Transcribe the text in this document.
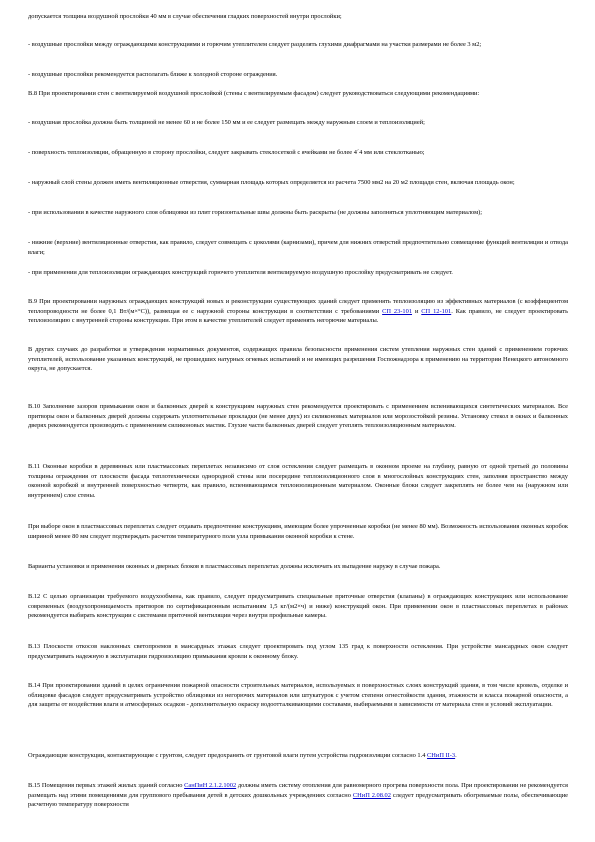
допускается толщина воздушной прослойки 40 мм в случае обеспечения гладких поверхностей внутри прослойки;

- воздушные прослойки между ограждающими конструкциями и горючим утеплителем следует разделять глухими диафрагмами на участки размерами не более 3 м2;

- воздушные прослойки рекомендуется располагать ближе к холодной стороне ограждения.

В.8 При проектировании стен с вентилируемой воздушной прослойкой (стены с вентилируемым фасадом) следует руководствоваться следующими рекомендациями:

- воздушная прослойка должна быть толщиной не менее 60 и не более 150 мм и ее следует размещать между наружным слоем и теплоизоляцией;

- поверхность теплоизоляции, обращенную в сторону прослойки, следует закрывать стеклосеткой с ячейками не более 4´4 мм или стеклотканью;

- наружный слой стены должен иметь вентиляционные отверстия, суммарная площадь которых определяется из расчета 7500 мм2 на 20 м2 площади стен, включая площадь окон;

- при использовании в качестве наружного слоя облицовки из плит горизонтальные швы должны быть раскрыты (не должны заполняться уплотняющим материалом);

- нижние (верхние) вентиляционные отверстия, как правило, следует совмещать с цоколями (карнизами), причем для нижних отверстий предпочтительно совмещение функций вентиляции и отвода влаги;

- при применении для теплоизоляции ограждающих конструкций горючего утеплителя вентилируемую воздушную прослойку предусматривать не следует.

В.9 При проектировании наружных ограждающих конструкций новых и реконструкции существующих зданий следует применять теплоизоляцию из эффективных материалов (с коэффициентом теплопроводности не более 0,1 Вт/(м×°С)), размещая ее с наружной стороны конструкции в соответствии с требованиями СП 23-101 и СП 12-101. Как правило, не следует проектировать теплоизоляцию с внутренней стороны конструкции. При этом в качестве утеплителей следует применять негорючие материалы.

В других случаях до разработки и утверждения нормативных документов, содержащих правила безопасности применения систем утепления наружных стен зданий с применением горючих утеплителей, использование указанных конструкций, не прошедших натурных огневых испытаний и не имеющих разрешения Госпожнадзора к применению на территории Ненецкого автономного округа, не допускается.

В.10 Заполнение зазоров примыкания окон и балконных дверей к конструкциям наружных стен рекомендуется проектировать с применением вспенивающихся синтетических материалов. Все притворы окон и балконных дверей должны содержать уплотнительные прокладки (не менее двух) из силиконовых материалов или морозостойкой резины. Установку стекол в окнах и балконных дверях рекомендуется производить с применением силиконовых мастик. Глухие части балконных дверей следует утеплять теплоизоляционным материалом.

В.11 Оконные коробки в деревянных или пластмассовых переплетах независимо от слоя остекления следует размещать в оконном проеме на глубину, равную от одной третьей до половины толщины ограждения от плоскости фасада теплотехнически однородной стены или посередине теплоизоляционного слоя в многослойных конструкциях стен, заполняя пространство между оконной коробкой и внутренней поверхностью четверти, как правило, вспенивающимся теплоизоляционным материалом. Оконные блоки следует закреплять не более чем на (наружном или внутреннем) слое стены.

При выборе окон в пластмассовых переплетах следует отдавать предпочтение конструкциям, имеющим более упрочненные коробки (не менее 80 мм). Возможность использования оконных коробок шириной менее 80 мм следует подтверждать расчетом температурного поля узла примыкания оконной коробки к стене.

Варианты установки и применения оконных и дверных блоков в пластмассовых переплетах должны исключать их выпадение наружу в случае пожара.

В.12 С целью организации требуемого воздухообмена, как правило, следует предусматривать специальные приточные отверстия (клапаны) в ограждающих конструкциях или использование современных (воздухопроницаемость притворов по сертификационным испытаниям 1,5 кг/(м2×ч) и ниже) конструкций окон. При применении окон в пластмассовых переплетах в районах рекомендуется выбирать конструкции с системами приточной вентиляции через внутри профильные камеры.

В.13 Плоскости откосов наклонных светопроемов в мансардных этажах следует проектировать под углом 135 град к поверхности остекления. При устройстве мансардных окон следует предусматривать надежную в эксплуатации гидроизоляцию примыкания кровли к оконному блоку.

В.14 При проектировании зданий в целях ограничения пожарной опасности строительных материалов, используемых в поверхностных слоях конструкций здания, в том числе кровель, отделке и облицовке фасадов следует предусматривать устройство облицовки из негорючих материалов или штукатурок с учетом степени огнестойкости здания, этажности и класса пожарной опасности, а для защиты от воздействия влаги и атмосферных осадков - дополнительную окраску водоотталкивающими составами, выбираемыми в зависимости от материала стен и условий эксплуатации.

Ограждающие конструкции, контактирующие с грунтом, следует предохранять от грунтовой влаги путем устройства гидроизоляции согласно 1.4 СНиП II-3.

В.15 Помещения первых этажей жилых зданий согласно СанПиН 2.1.2.1002 должны иметь систему отопления для равномерного прогрева поверхности пола. При проектировании не рекомендуется размещать над этими помещениями для группового пребывания детей в детских дошкольных учреждениях согласно СНиП 2.08.02 следует предусматривать обогреваемые полы, обеспечивающие расчетную температуру поверхности
